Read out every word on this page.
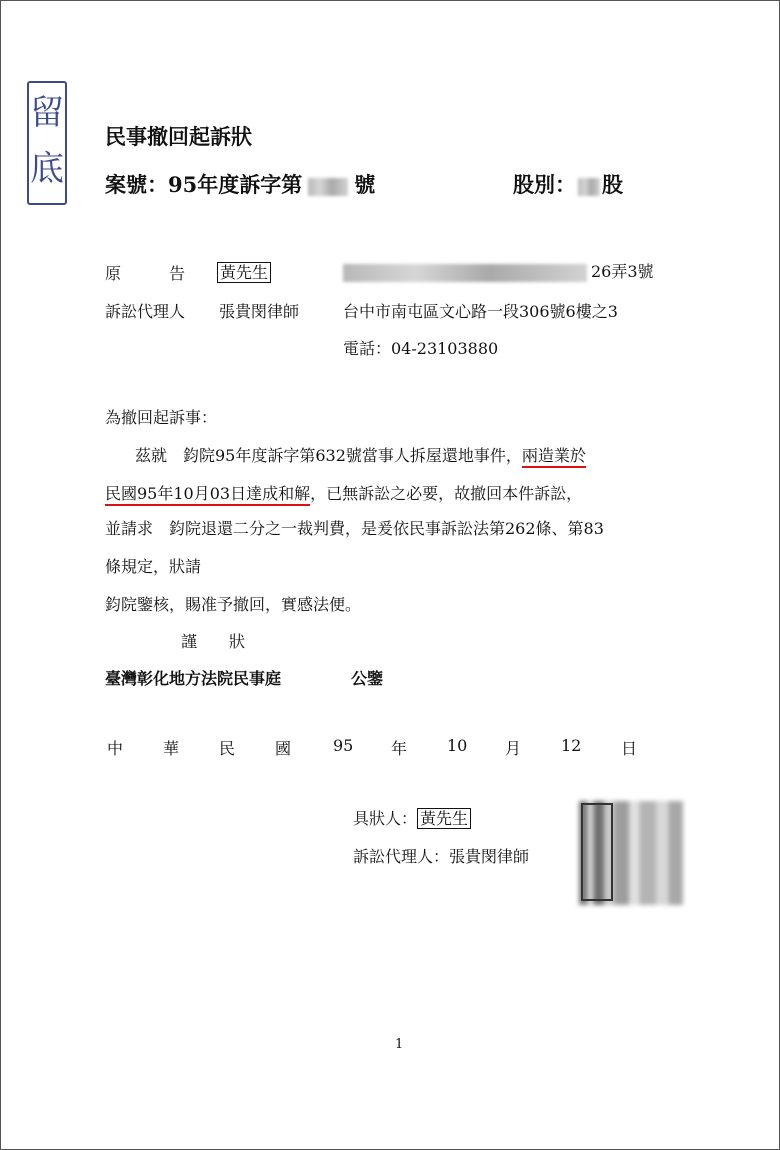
留
底
民事撤回起訴狀
案號：95年度訴字第 號	股別： 股
原　　　告 黃先生	26弄3號
訴訟代理人 張貴閔律師	台中市南屯區文心路一段306號6樓之3
電話：04-23103880
為撤回起訴事：
茲就　鈞院95年度訴字第632號當事人拆屋還地事件，兩造業於
民國95年10月03日達成和解，已無訴訟之必要，故撤回本件訴訟，
並請求　鈞院退還二分之一裁判費，是爰依民事訴訟法第262條、第83
條規定，狀請
鈞院鑒核，賜准予撤回，實感法便。
謹　　狀
臺灣彰化地方法院民事庭	公鑒
中 華 民 國	95 年 10 月 12 日
具狀人： 黃先生
訴訟代理人：張貴閔律師
1
